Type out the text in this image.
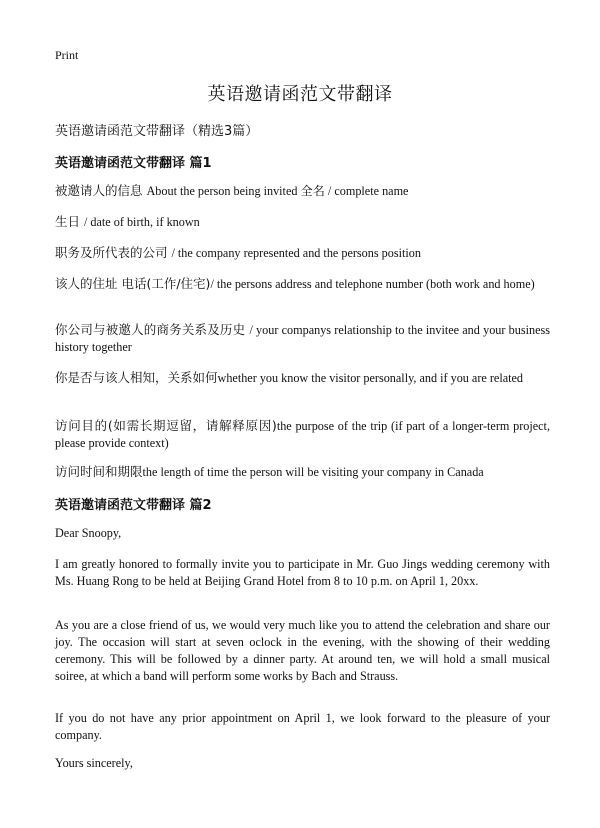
Print
英语邀请函范文带翻译
英语邀请函范文带翻译（精选3篇）
英语邀请函范文带翻译 篇1
被邀请人的信息 About the person being invited 全名 / complete name
生日 / date of birth, if known
职务及所代表的公司 / the company represented and the persons position
该人的住址 电话(工作/住宅)/ the persons address and telephone number (both work and home)
你公司与被邀人的商务关系及历史 / your companys relationship to the invitee and your business history together
你是否与该人相知，关系如何whether you know the visitor personally, and if you are related
访问目的(如需长期逗留，请解释原因)the purpose of the trip (if part of a longer-term project, please provide context)
访问时间和期限the length of time the person will be visiting your company in Canada
英语邀请函范文带翻译 篇2
Dear Snoopy,
I am greatly honored to formally invite you to participate in Mr. Guo Jings wedding ceremony with Ms. Huang Rong to be held at Beijing Grand Hotel from 8 to 10 p.m. on April 1, 20xx.
As you are a close friend of us, we would very much like you to attend the celebration and share our joy. The occasion will start at seven oclock in the evening, with the showing of their wedding ceremony. This will be followed by a dinner party. At around ten, we will hold a small musical soiree, at which a band will perform some works by Bach and Strauss.
If you do not have any prior appointment on April 1, we look forward to the pleasure of your company.
Yours sincerely,
